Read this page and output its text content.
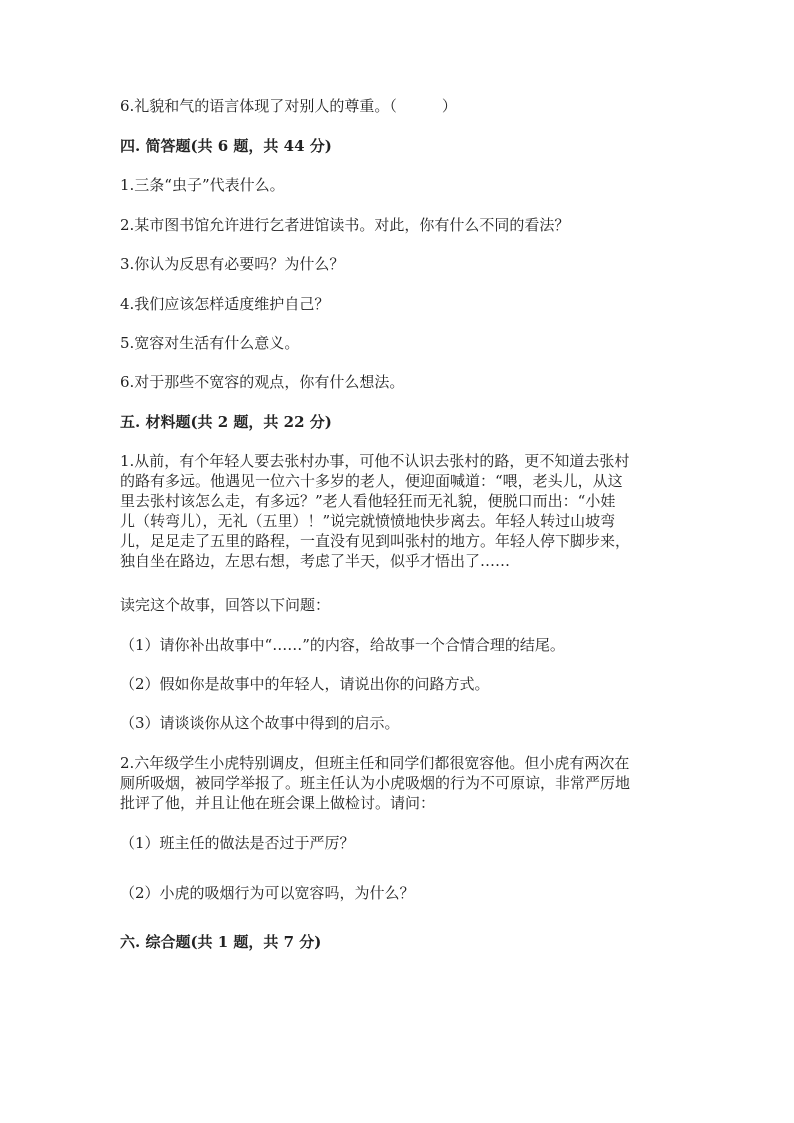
6.礼貌和气的语言体现了对别人的尊重。（　　　）
四. 简答题(共 6 题，共 44 分)
1.三条“虫子”代表什么。
2.某市图书馆允许进行乞者进馆读书。对此，你有什么不同的看法？
3.你认为反思有必要吗？为什么？
4.我们应该怎样适度维护自己？
5.宽容对生活有什么意义。
6.对于那些不宽容的观点，你有什么想法。
五. 材料题(共 2 题，共 22 分)
1.从前，有个年轻人要去张村办事，可他不认识去张村的路，更不知道去张村
的路有多远。他遇见一位六十多岁的老人，便迎面喊道：“喂，老头儿，从这
里去张村该怎么走，有多远？”老人看他轻狂而无礼貌，便脱口而出：“小娃
儿（转弯儿），无礼（五里）！”说完就愤愤地快步离去。年轻人转过山坡弯
儿，足足走了五里的路程，一直没有见到叫张村的地方。年轻人停下脚步来，
独自坐在路边，左思右想，考虑了半天，似乎才悟出了……
读完这个故事，回答以下问题：
（1）请你补出故事中“……”的内容，给故事一个合情合理的结尾。
（2）假如你是故事中的年轻人，请说出你的问路方式。
（3）请谈谈你从这个故事中得到的启示。
2.六年级学生小虎特别调皮，但班主任和同学们都很宽容他。但小虎有两次在
厕所吸烟，被同学举报了。班主任认为小虎吸烟的行为不可原谅，非常严厉地
批评了他，并且让他在班会课上做检讨。请问：
（1）班主任的做法是否过于严厉？
（2）小虎的吸烟行为可以宽容吗，为什么？
六. 综合题(共 1 题，共 7 分)
